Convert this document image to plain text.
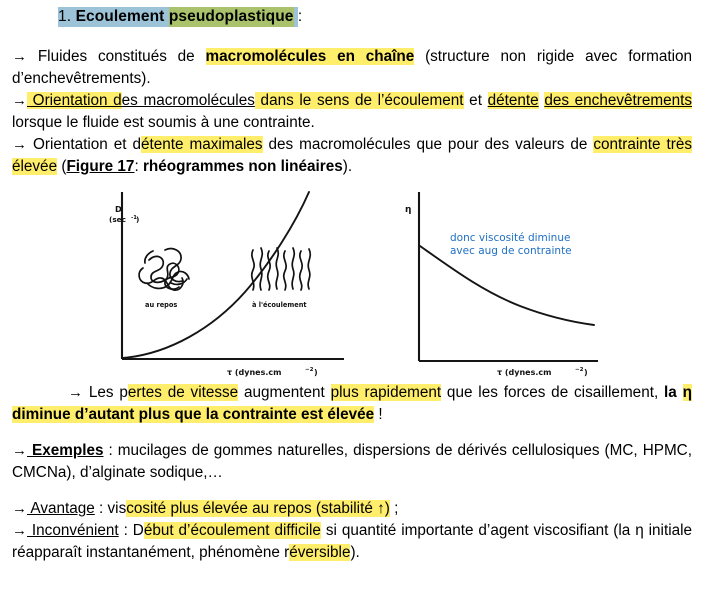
1. Ecoulement pseudoplastique :

→ Fluides constitués de macromolécules en chaîne (structure non rigide avec formation d’enchevêtrements).

→ Orientation des macromolécules dans le sens de l’écoulement et détente des enchevêtrements lorsque le fluide est soumis à une contrainte.

→ Orientation et détente maximales des macromolécules que pour des valeurs de contrainte très élevée (Figure 17: rhéogrammes non linéaires).

au repos	à l'écoulement
D (sec -1 )
τ (dynes.cm	−2 )
η
τ (dynes.cm	−2 )
donc viscosité diminue
avec aug de contrainte

→ Les pertes de vitesse augmentent plus rapidement que les forces de cisaillement, la η diminue d’autant plus que la contrainte est élevée !

→ Exemples : mucilages de gommes naturelles, dispersions de dérivés cellulosiques (MC, HPMC, CMCNa), d’alginate sodique,…

→ Avantage : viscosité plus élevée au repos (stabilité ↑) ;

→ Inconvénient : Début d’écoulement difficile si quantité importante d’agent viscosifiant (la η initiale réapparaît instantanément, phénomène réversible).
